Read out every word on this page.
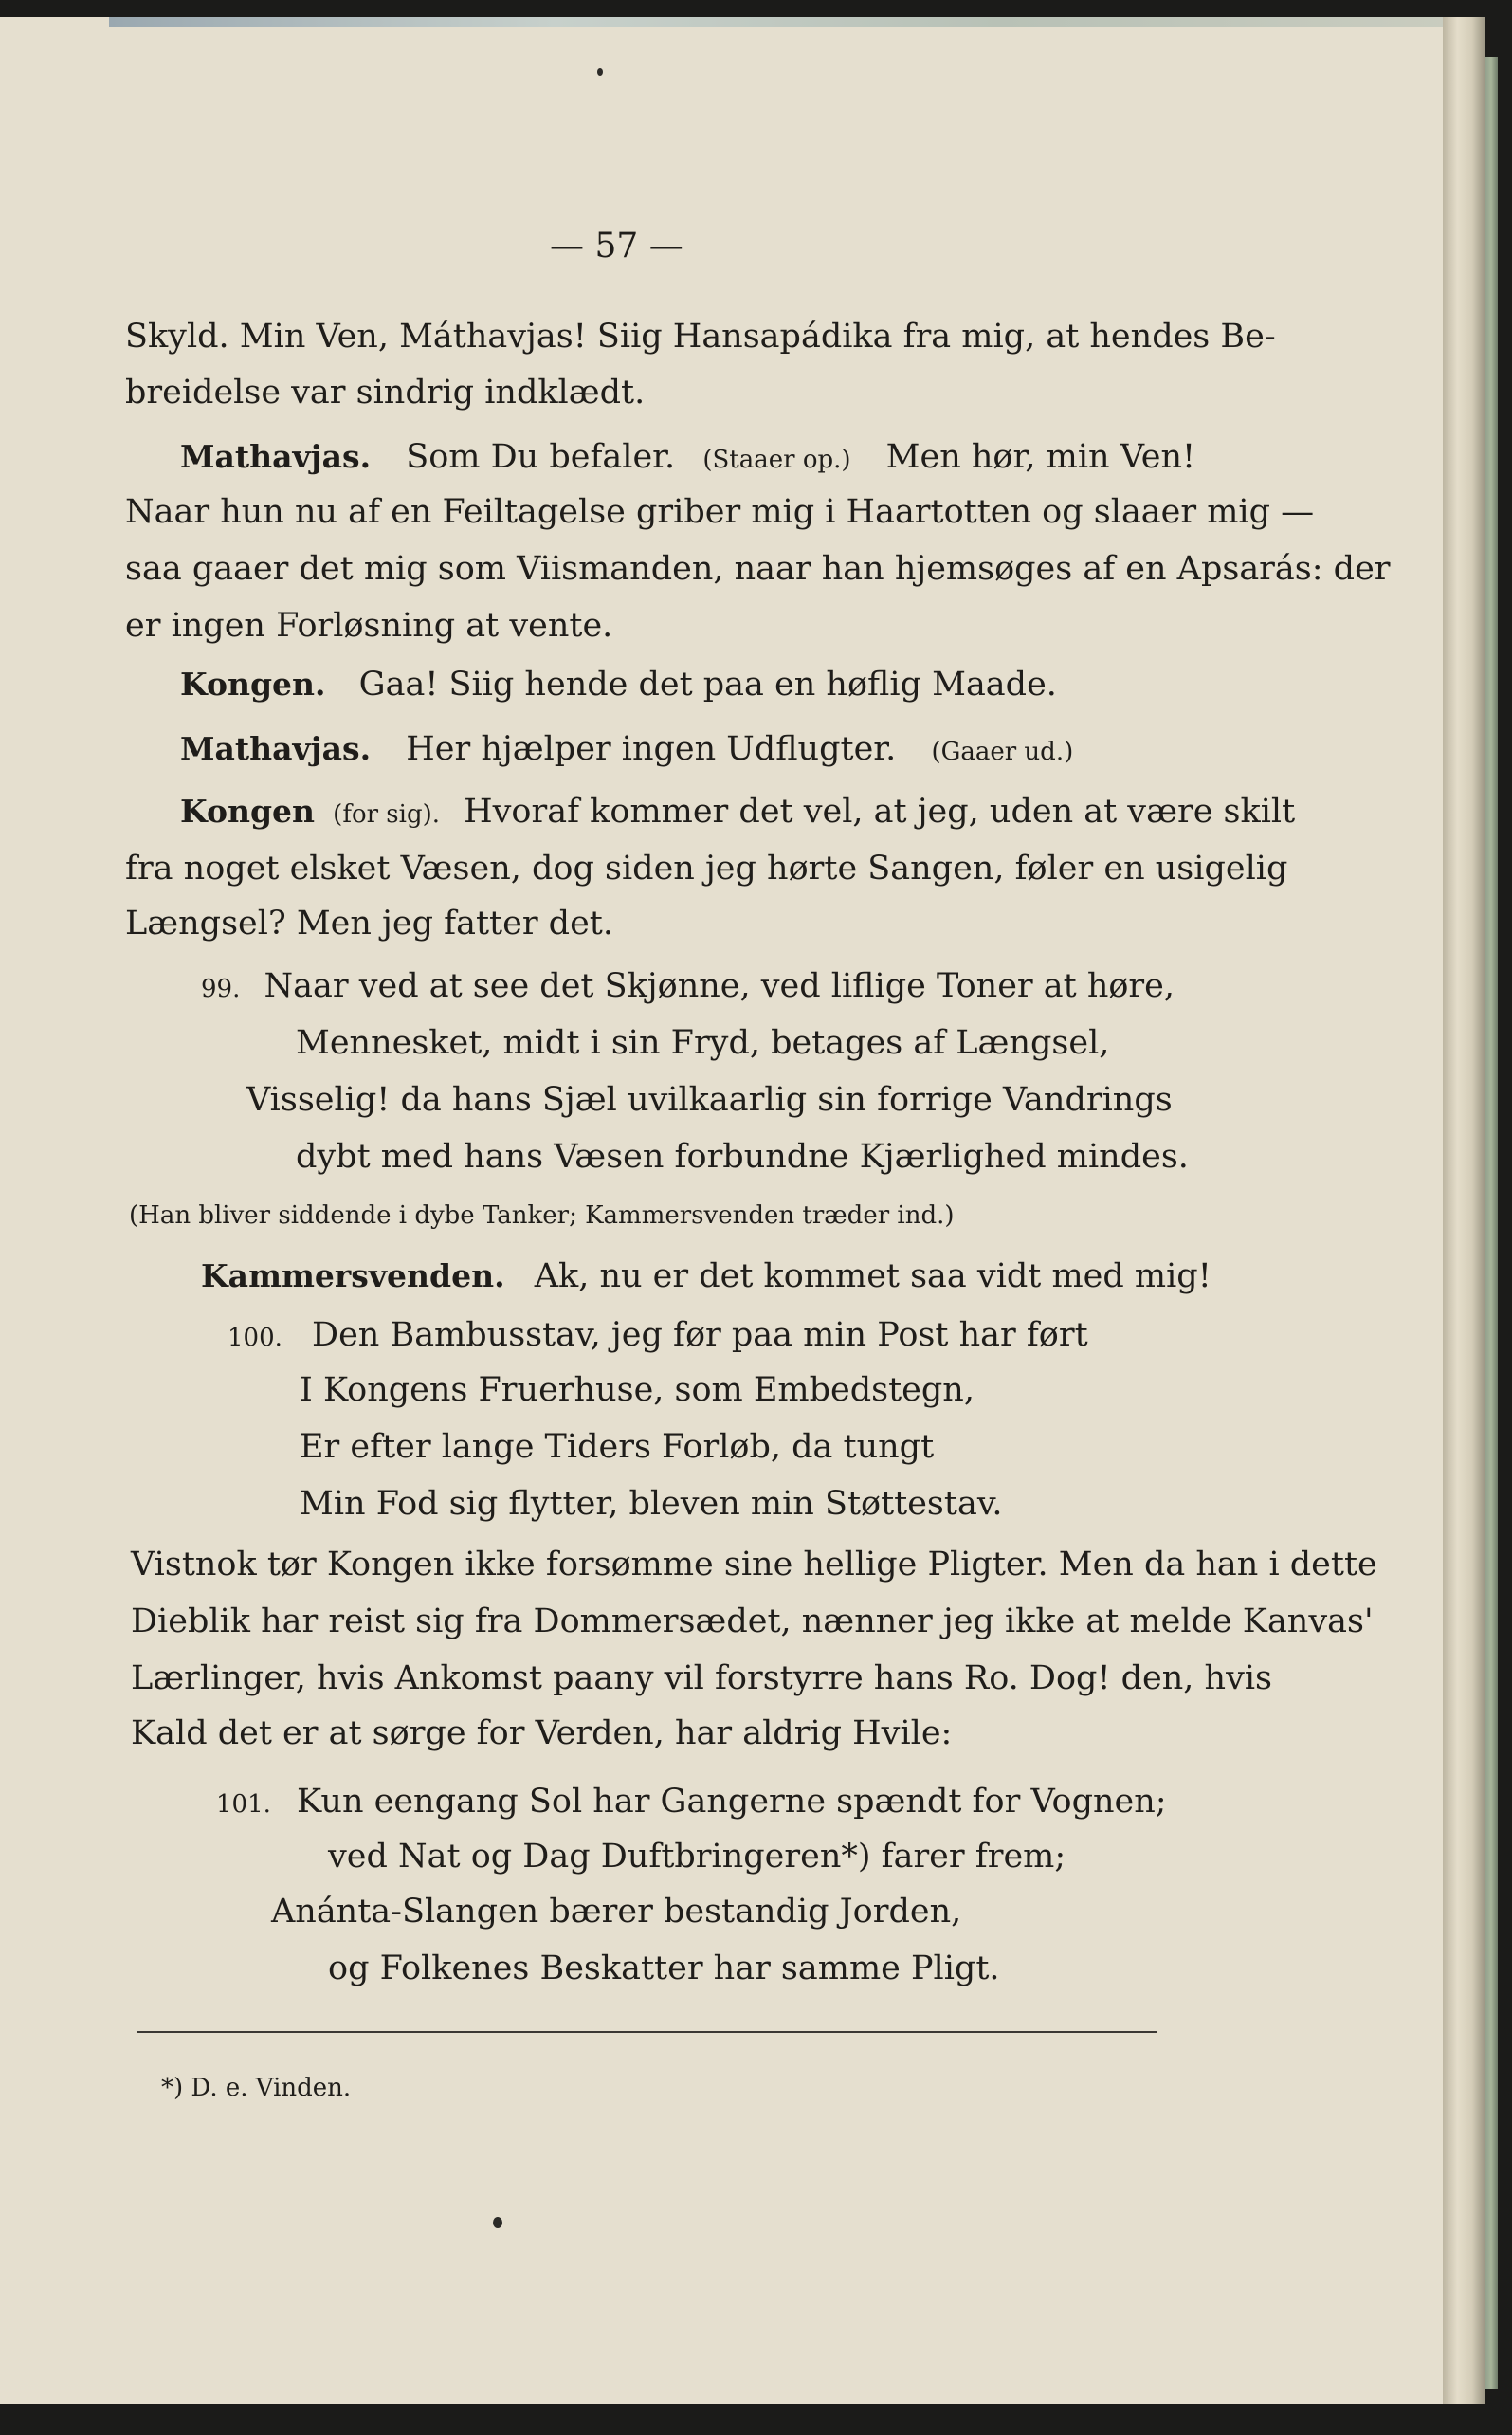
— 57 —
Skyld. Min Ven, Máthavjas! Siig Hansapádika fra mig, at hendes Be-
breidelse var sindrig indklædt.
Mathavjas. Som Du befaler. (Staaer op.) Men hør, min Ven!
Naar hun nu af en Feiltagelse griber mig i Haartotten og slaaer mig —
saa gaaer det mig som Viismanden, naar han hjemsøges af en Apsarás: der
er ingen Forløsning at vente.
Kongen. Gaa! Siig hende det paa en høflig Maade.
Mathavjas. Her hjælper ingen Udflugter. (Gaaer ud.)
Kongen (for sig). Hvoraf kommer det vel, at jeg, uden at være skilt
fra noget elsket Væsen, dog siden jeg hørte Sangen, føler en usigelig
Længsel? Men jeg fatter det.
99. Naar ved at see det Skjønne, ved liflige Toner at høre,
Mennesket, midt i sin Fryd, betages af Længsel,
Visselig! da hans Sjæl uvilkaarlig sin forrige Vandrings
dybt med hans Væsen forbundne Kjærlighed mindes.
(Han bliver siddende i dybe Tanker; Kammersvenden træder ind.)
Kammersvenden. Ak, nu er det kommet saa vidt med mig!
100. Den Bambusstav, jeg før paa min Post har ført
I Kongens Fruerhuse, som Embedstegn,
Er efter lange Tiders Forløb, da tungt
Min Fod sig flytter, bleven min Støttestav.
Vistnok tør Kongen ikke forsømme sine hellige Pligter. Men da han i dette
Dieblik har reist sig fra Dommersædet, nænner jeg ikke at melde Kanvas'
Lærlinger, hvis Ankomst paany vil forstyrre hans Ro. Dog! den, hvis
Kald det er at sørge for Verden, har aldrig Hvile:
101. Kun eengang Sol har Gangerne spændt for Vognen;
ved Nat og Dag Duftbringeren*) farer frem;
Anánta-Slangen bærer bestandig Jorden,
og Folkenes Beskatter har samme Pligt.
*) D. e. Vinden.
